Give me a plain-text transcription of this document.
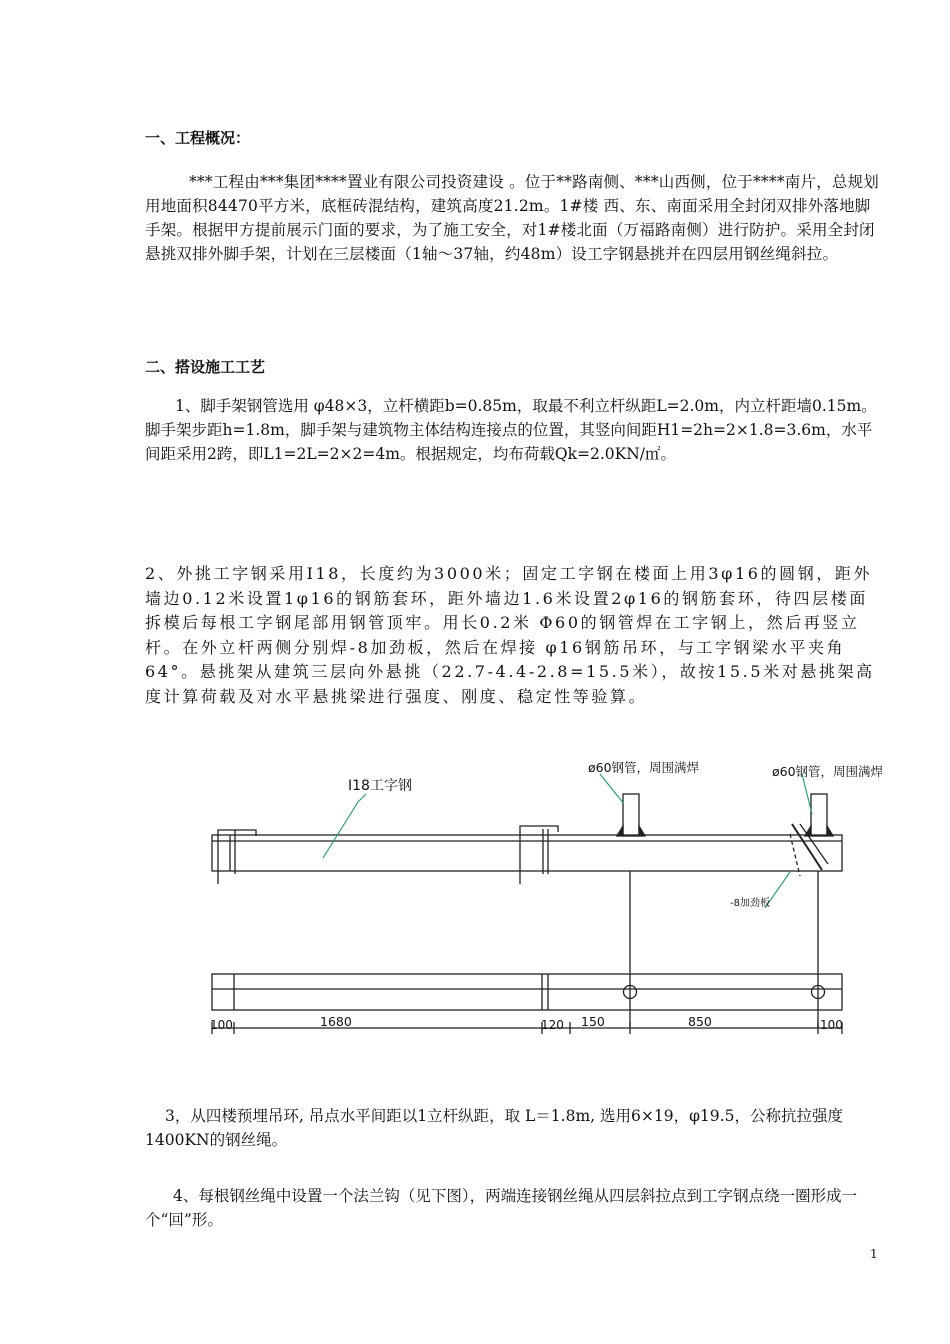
一、工程概况：

***工程由***集团****置业有限公司投资建设 。位于**路南侧、***山西侧，位于****南片，总规划用地面积84470平方米，底框砖混结构，建筑高度21.2m。1#楼 西、东、南面采用全封闭双排外落地脚手架。根据甲方提前展示门面的要求，为了施工安全，对1#楼北面（万福路南侧）进行防护。采用全封闭悬挑双排外脚手架，计划在三层楼面（1轴～37轴，约48m）设工字钢悬挑并在四层用钢丝绳斜拉。

二、搭设施工工艺

1、脚手架钢管选用 φ48×3，立杆横距b=0.85m，取最不利立杆纵距L=2.0m，内立杆距墙0.15m。脚手架步距h=1.8m，脚手架与建筑物主体结构连接点的位置，其竖向间距H1=2h=2×1.8=3.6m，水平间距采用2跨，即L1=2L=2×2=4m。根据规定，均布荷载Qk=2.0KN/㎡。

2、外挑工字钢采用I18，长度约为3000米；固定工字钢在楼面上用3φ16的圆钢，距外墙边0.12米设置1φ16的钢筋套环，距外墙边1.6米设置2φ16的钢筋套环，待四层楼面拆模后每根工字钢尾部用钢管顶牢。用长0.2米 Φ60的钢管焊在工字钢上，然后再竖立杆。在外立杆两侧分别焊-8加劲板，然后在焊接 φ16钢筋吊环，与工字钢梁水平夹角64°。悬挑架从建筑三层向外悬挑（22.7-4.4-2.8=15.5米），故按15.5米对悬挑架高度计算荷载及对水平悬挑梁进行强度、刚度、稳定性等验算。

I18工字钢
ø60钢管，周围满焊	ø60钢管，周围满焊
-8加劲板
100	1680	120 150	850	100

3，从四楼预埋吊环, 吊点水平间距以1立杆纵距，取 L＝1.8m, 选用6×19，φ19.5，公称抗拉强度1400KN的钢丝绳。

4、每根钢丝绳中设置一个法兰钩（见下图），两端连接钢丝绳从四层斜拉点到工字钢点绕一圈形成一个“回”形。

1
